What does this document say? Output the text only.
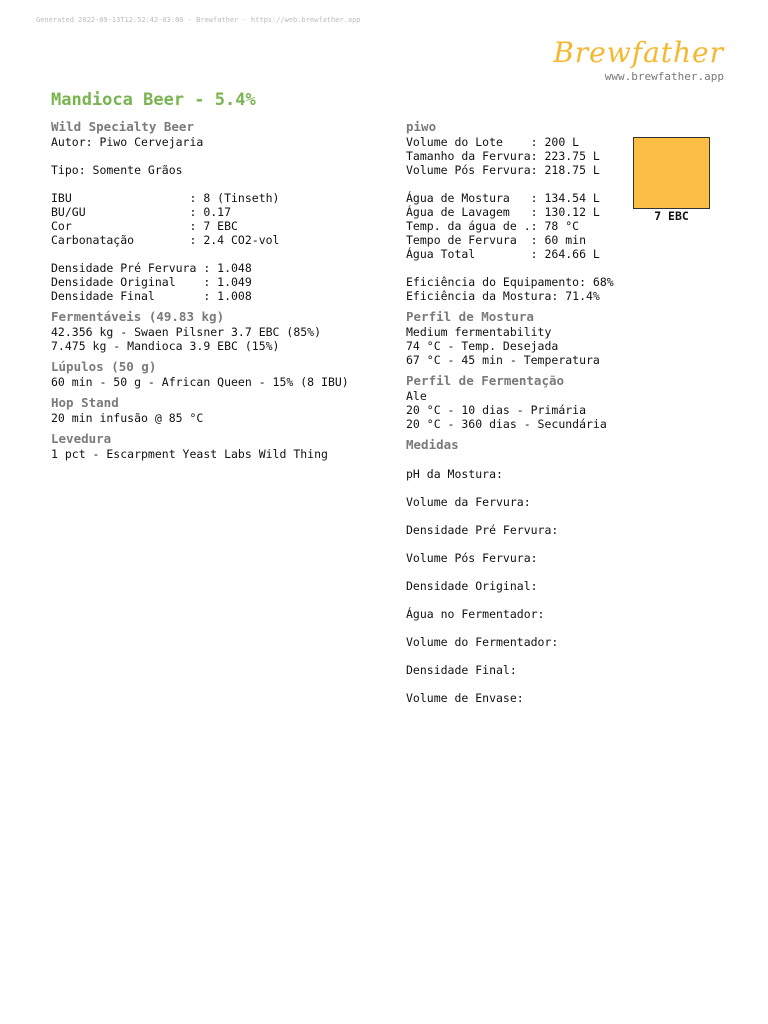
Generated 2022-09-13T12:52:42-03:00 - Brewfather - https://web.brewfather.app
Brewfather
www.brewfather.app
Mandioca Beer - 5.4%
Wild Specialty Beer
Autor: Piwo Cervejaria
Tipo: Somente Grãos
IBU                 : 8 (Tinseth)
BU/GU               : 0.17
Cor                 : 7 EBC
Carbonatação        : 2.4 CO2-vol
Densidade Pré Fervura : 1.048
Densidade Original    : 1.049
Densidade Final       : 1.008
Fermentáveis (49.83 kg)
42.356 kg - Swaen Pilsner 3.7 EBC (85%)
7.475 kg - Mandioca 3.9 EBC (15%)
Lúpulos (50 g)
60 min - 50 g - African Queen - 15% (8 IBU)
Hop Stand
20 min infusão @ 85 °C
Levedura
1 pct - Escarpment Yeast Labs Wild Thing
piwo
Volume do Lote    : 200 L
Tamanho da Fervura: 223.75 L
Volume Pós Fervura: 218.75 L
Água de Mostura   : 134.54 L
Água de Lavagem   : 130.12 L
Temp. da água de .: 78 °C
Tempo de Fervura  : 60 min
Água Total        : 264.66 L
Eficiência do Equipamento: 68%
Eficiência da Mostura: 71.4%
Perfil de Mostura
Medium fermentability
74 °C - Temp. Desejada
67 °C - 45 min - Temperatura
Perfil de Fermentação
Ale
20 °C - 10 dias - Primária
20 °C - 360 dias - Secundária
Medidas
pH da Mostura:
Volume da Fervura:
Densidade Pré Fervura:
Volume Pós Fervura:
Densidade Original:
Água no Fermentador:
Volume do Fermentador:
Densidade Final:
Volume de Envase:
7 EBC
